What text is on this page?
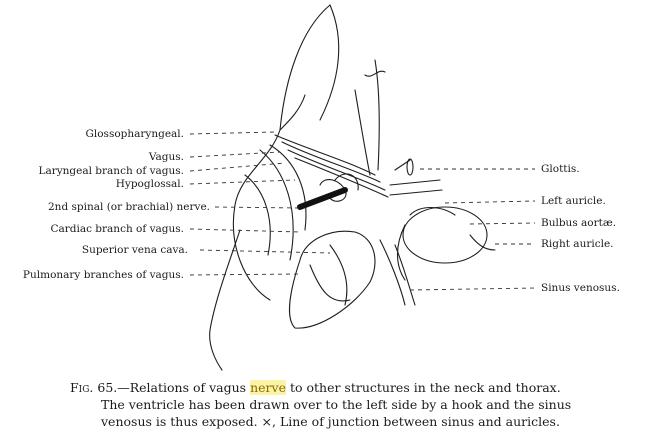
Glossopharyngeal.
Vagus.
Laryngeal branch of vagus.
Hypoglossal.
2nd spinal (or brachial) nerve.
Cardiac branch of vagus.
Superior vena cava.
Pulmonary branches of vagus.
Glottis.
Left auricle.
Bulbus aortæ.
Right auricle.
Sinus venosus.
Fig. 65.—Relations of vagus nerve to other structures in the neck and thorax.
The ventricle has been drawn over to the left side by a hook and the sinus
venosus is thus exposed. ×, Line of junction between sinus and auricles.
